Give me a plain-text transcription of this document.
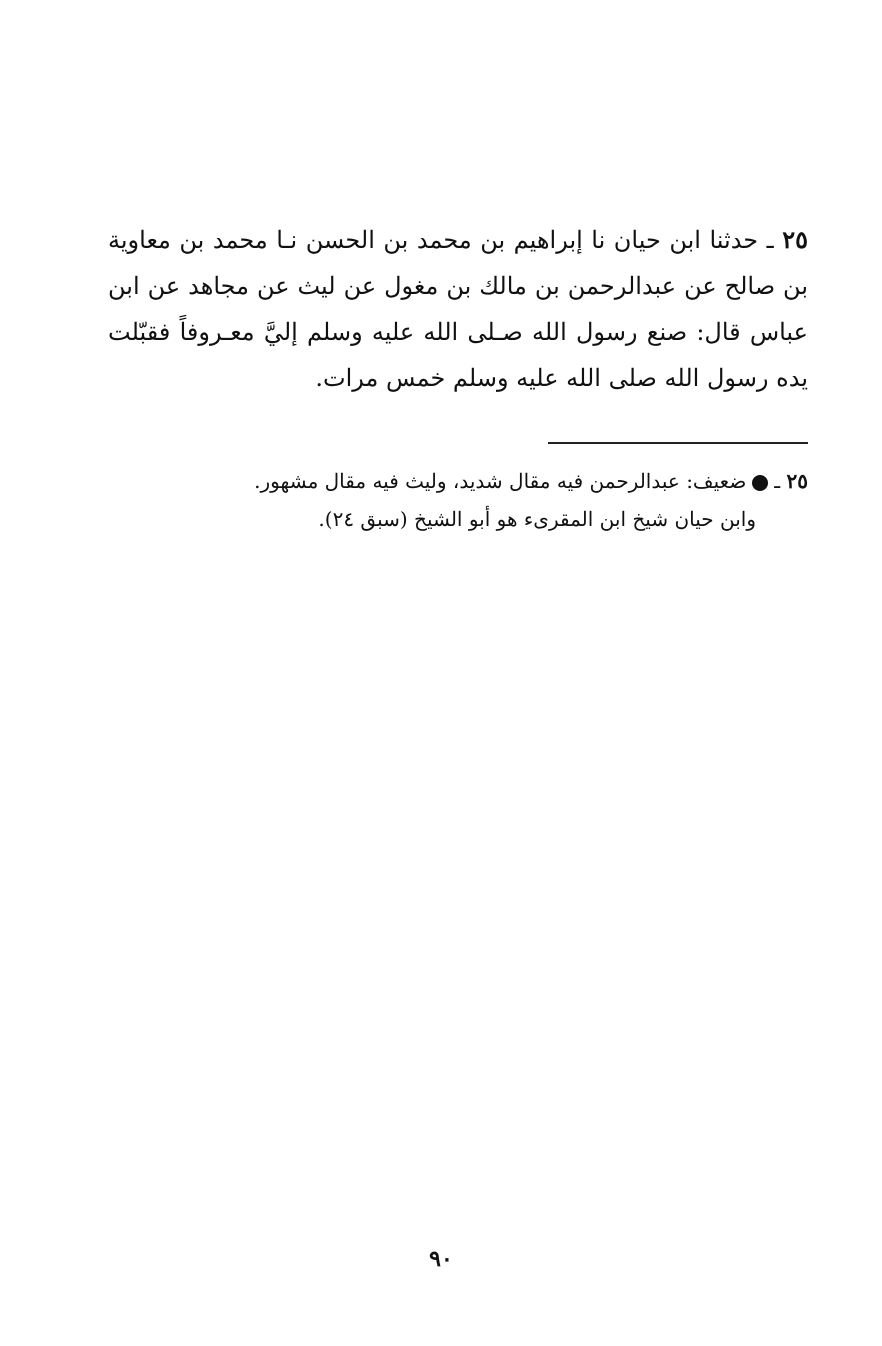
٢٥ ـ حدثنا ابن حيان نا إبراهيم بن محمد بن الحسن نـا محمد بن معاوية بن صالح عن عبدالرحمن بن مالك بن مغول عن ليث عن مجاهد عن ابن عباس قال: صنع رسول الله صـلى الله عليه وسلم إليَّ معـروفاً فقبّلت يده رسول الله صلى الله عليه وسلم خمس مرات.

٢٥ ـضعيف: عبدالرحمن فيه مقال شديد، وليث فيه مقال مشهور.
وابن حيان شيخ ابن المقرىء هو أبو الشيخ (سبق ٢٤).
٩٠
